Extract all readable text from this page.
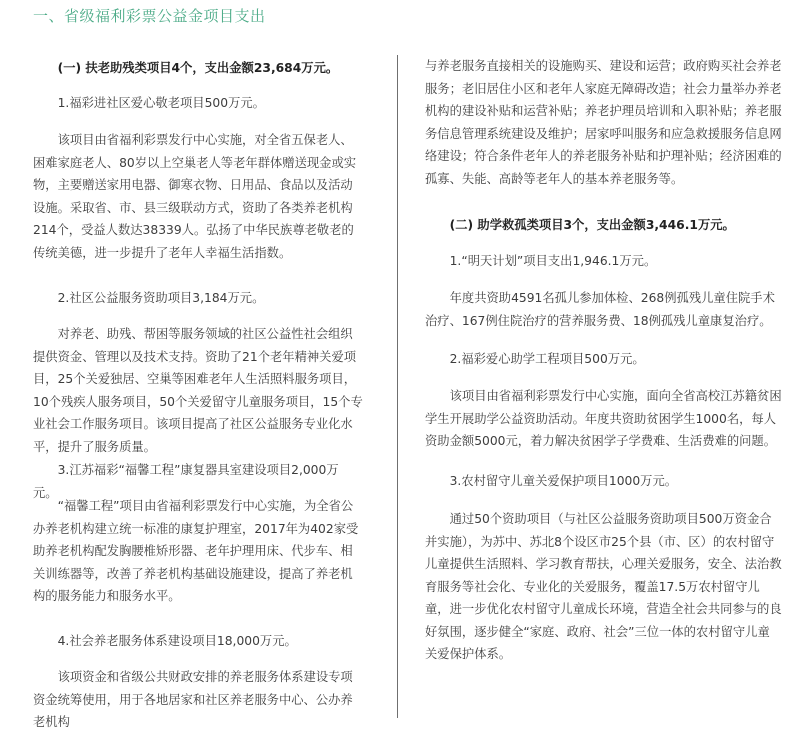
一、省级福利彩票公益金项目支出
(一) 扶老助残类项目4个，支出金额23,684万元。
1.福彩进社区爱心敬老项目500万元。
该项目由省福利彩票发行中心实施，对全省五保老人、困难家庭老人、80岁以上空巢老人等老年群体赠送现金或实物，主要赠送家用电器、御寒衣物、日用品、食品以及活动设施。采取省、市、县三级联动方式，资助了各类养老机构214个，受益人数达38339人。弘扬了中华民族尊老敬老的传统美德，进一步提升了老年人幸福生活指数。
2.社区公益服务资助项目3,184万元。
对养老、助残、帮困等服务领域的社区公益性社会组织提供资金、管理以及技术支持。资助了21个老年精神关爱项目，25个关爱独居、空巢等困难老年人生活照料服务项目，10个残疾人服务项目，50个关爱留守儿童服务项目，15个专业社会工作服务项目。该项目提高了社区公益服务专业化水平，提升了服务质量。
3.江苏福彩“福馨工程”康复器具室建设项目2,000万元。
“福馨工程”项目由省福利彩票发行中心实施，为全省公办养老机构建立统一标准的康复护理室，2017年为402家受助养老机构配发胸腰椎矫形器、老年护理用床、代步车、相关训练器等，改善了养老机构基础设施建设，提高了养老机构的服务能力和服务水平。
4.社会养老服务体系建设项目18,000万元。
该项资金和省级公共财政安排的养老服务体系建设专项资金统筹使用，用于各地居家和社区养老服务中心、公办养老机构
与养老服务直接相关的设施购买、建设和运营；政府购买社会养老服务；老旧居住小区和老年人家庭无障碍改造；社会力量举办养老机构的建设补贴和运营补贴；养老护理员培训和入职补贴；养老服务信息管理系统建设及维护；居家呼叫服务和应急救援服务信息网络建设；符合条件老年人的养老服务补贴和护理补贴；经济困难的孤寡、失能、高龄等老年人的基本养老服务等。
(二) 助学救孤类项目3个，支出金额3,446.1万元。
1.“明天计划”项目支出1,946.1万元。
年度共资助4591名孤儿参加体检、268例孤残儿童住院手术治疗、167例住院治疗的营养服务费、18例孤残儿童康复治疗。
2.福彩爱心助学工程项目500万元。
该项目由省福利彩票发行中心实施，面向全省高校江苏籍贫困学生开展助学公益资助活动。年度共资助贫困学生1000名，每人资助金额5000元，着力解决贫困学子学费难、生活费难的问题。
3.农村留守儿童关爱保护项目1000万元。
通过50个资助项目（与社区公益服务资助项目500万资金合并实施），为苏中、苏北8个设区市25个县（市、区）的农村留守儿童提供生活照料、学习教育帮扶，心理关爱服务，安全、法治教育服务等社会化、专业化的关爱服务，覆盖17.5万农村留守儿童，进一步优化农村留守儿童成长环境，营造全社会共同参与的良好氛围，逐步健全“家庭、政府、社会”三位一体的农村留守儿童关爱保护体系。
